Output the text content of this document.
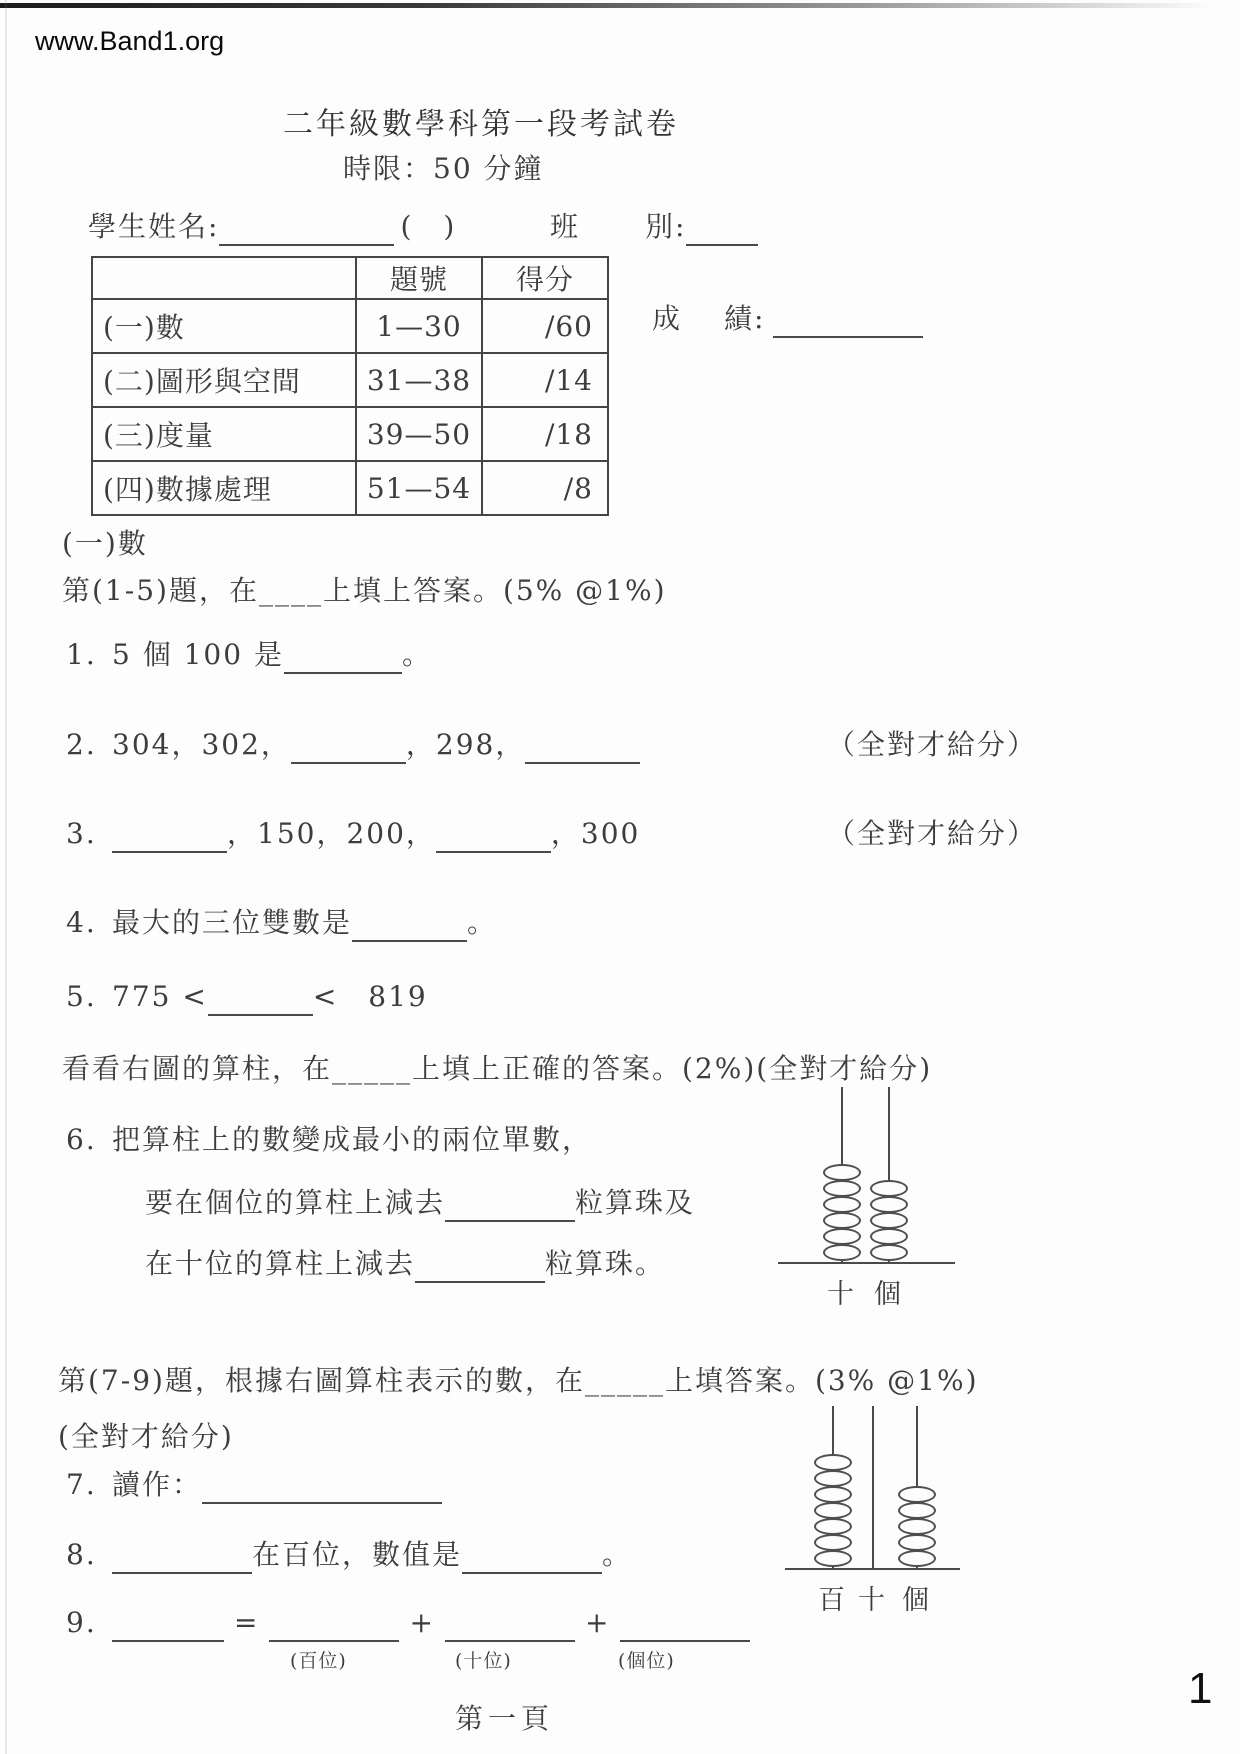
www.Band1.org
二年級數學科第一段考試卷
時限：50 分鐘
學生姓名:	(　)	班 別:
	題號	得分
(一)數	1—30	/60
(二)圖形與空間	31—38	/14
(三)度量	39—50	/18
(四)數據處理	51—54	/8
成 績:
(一)數
第(1-5)題，在____上填上答案。(5% @1%)
1. 5 個 100 是	。
2. 304，302，	，298，	（全對才給分）
3.	，150，200，	，300	（全對才給分）
4. 最大的三位雙數是	。
5. 775 <	<　819
看看右圖的算柱，在_____上填上正確的答案。(2%)(全對才給分)
6. 把算柱上的數變成最小的兩位單數，
要在個位的算柱上減去	粒算珠及
在十位的算柱上減去	粒算珠。
十 個
第(7-9)題，根據右圖算柱表示的數，在_____上填答案。(3% @1%)
(全對才給分)
7. 讀作：
8.	在百位，數值是	。
9.	=	+	+
(百位)	(十位)	(個位)
百 十 個
第一頁
1
